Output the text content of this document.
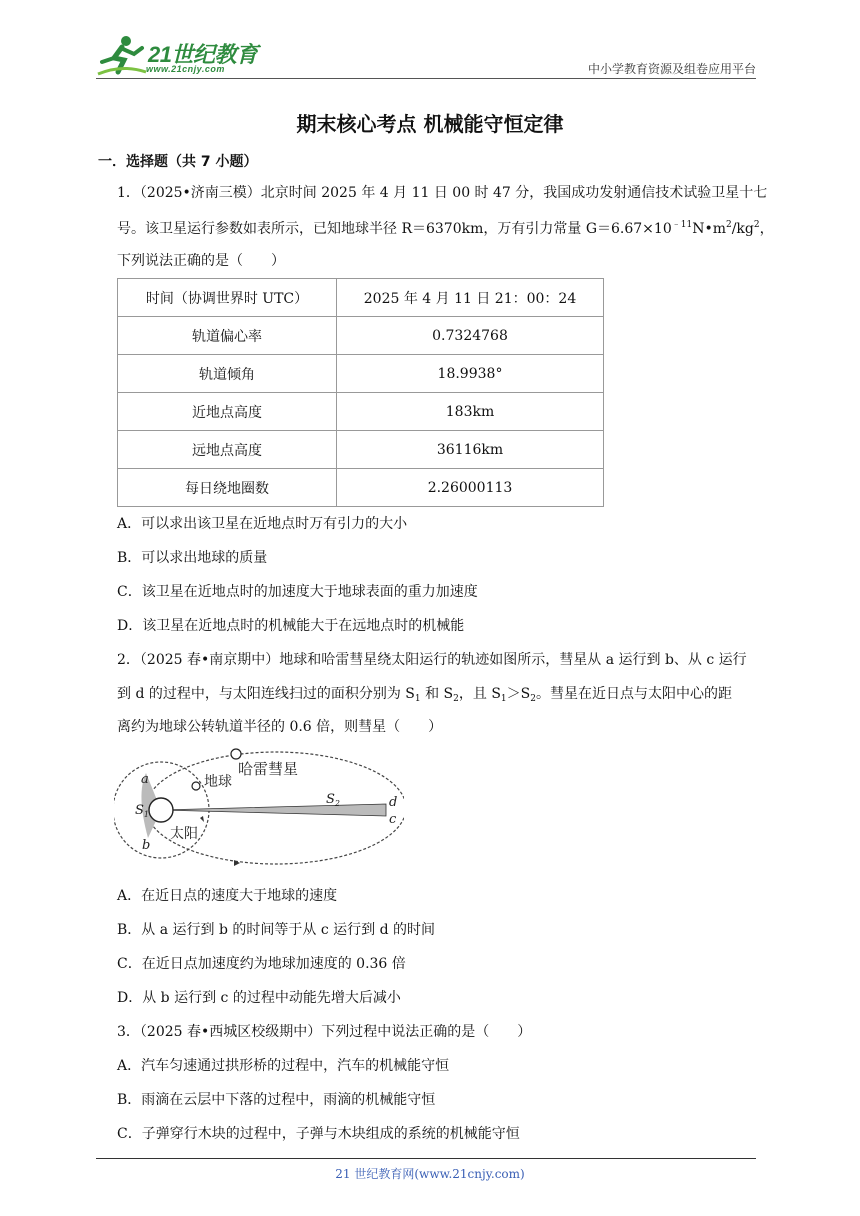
21世纪教育
www.21cnjy.com	中小学教育资源及组卷应用平台
期末核心考点 机械能守恒定律
一．选择题（共 7 小题）
1．（2025•济南三模）北京时间 2025 年 4 月 11 日 00 时 47 分，我国成功发射通信技术试验卫星十七
号。该卫星运行参数如表所示，已知地球半径 R＝6370km，万有引力常量 $G=6.67\times 10^{﹣11}N•m^2/kg^2$，
下列说法正确的是（　　）
时间（协调世界时 UTC）	2025 年 4 月 11 日 21：00：24
轨道偏心率	0.7324768
轨道倾角	18.9938°
近地点高度	183km
远地点高度	36116km
每日绕地圈数	2.26000113
A．可以求出该卫星在近地点时万有引力的大小
B．可以求出地球的质量
C．该卫星在近地点时的加速度大于地球表面的重力加速度
D．该卫星在近地点时的机械能大于在远地点时的机械能
2．（2025 春•南京期中）地球和哈雷彗星绕太阳运行的轨迹如图所示，彗星从 a 运行到 b、从 c 运行
到 d 的过程中，与太阳连线扫过的面积分别为 $S_1$ 和 $S_2$，且 $S_1>S_2$。彗星在近日点与太阳中心的距
离约为地球公转轨道半径的 0.6 倍，则彗星（　　）
哈雷彗星
地球
太阳
a
b
c
d
$S_1$
$S_2$
A．在近日点的速度大于地球的速度
B．从 a 运行到 b 的时间等于从 c 运行到 d 的时间
C．在近日点加速度约为地球加速度的 0.36 倍
D．从 b 运行到 c 的过程中动能先增大后减小
3．（2025 春•西城区校级期中）下列过程中说法正确的是（　　）
A．汽车匀速通过拱形桥的过程中，汽车的机械能守恒
B．雨滴在云层中下落的过程中，雨滴的机械能守恒
C．子弹穿行木块的过程中，子弹与木块组成的系统的机械能守恒
21 世纪教育网(www.21cnjy.com)
